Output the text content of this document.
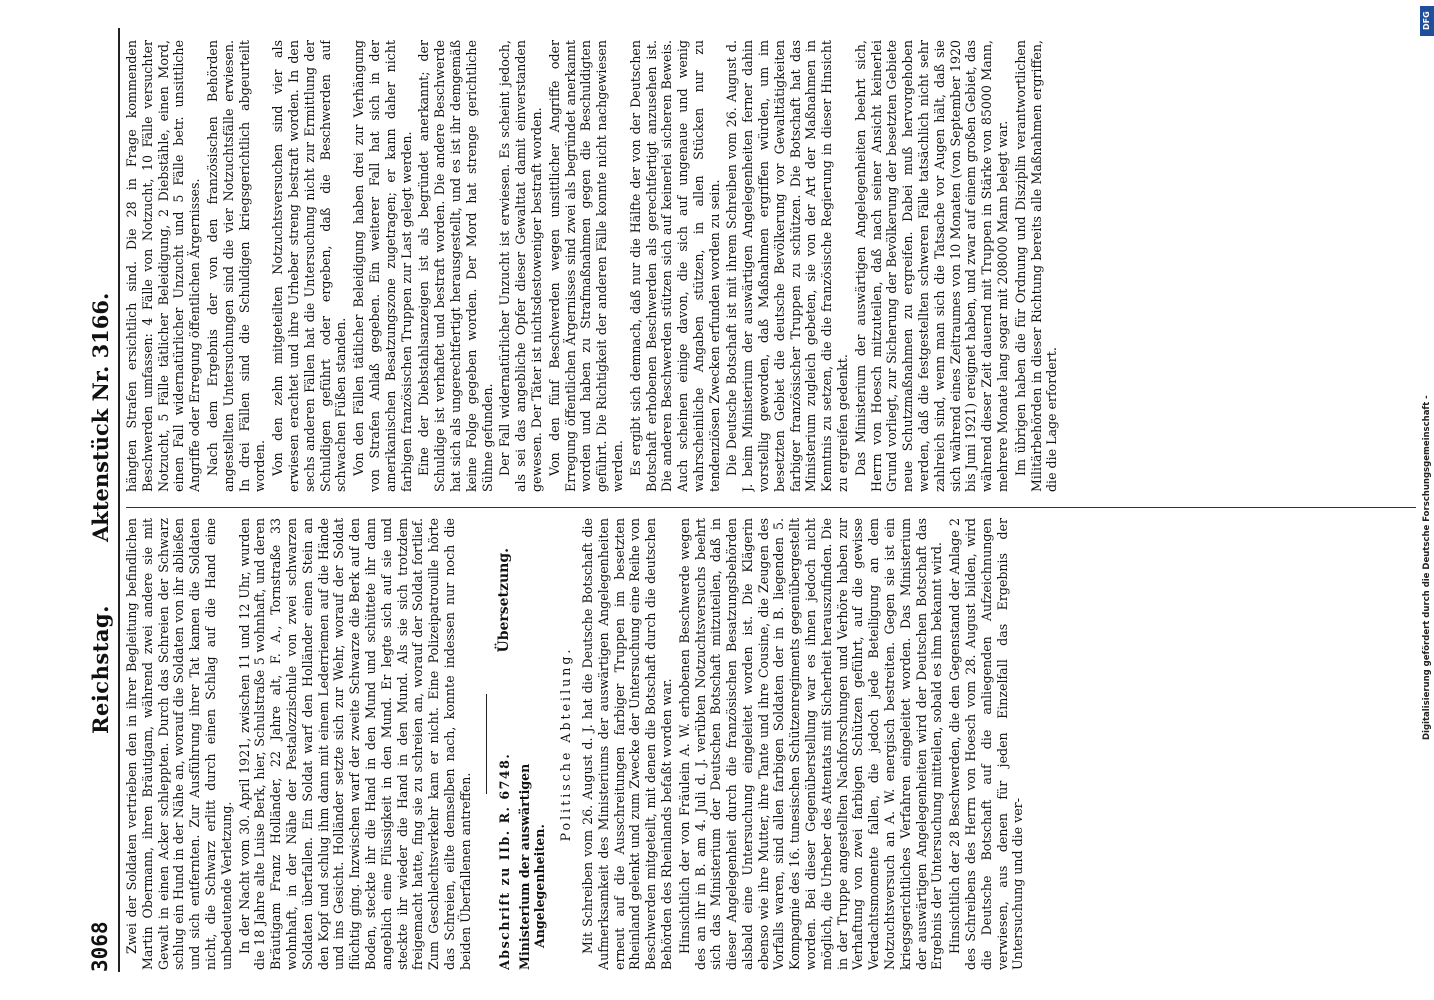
3068
Reichstag.
Aktenstück Nr. 3166.

Zwei der Soldaten vertrieben den in ihrer Begleitung befindlichen Martin Obermann, ihren Bräutigam, während zwei andere sie mit Gewalt in einen Acker schleppten. Durch das Schreien der Schwarz schlug ein Hund in der Nähe an, worauf die Soldaten von ihr abließen und sich entfernten. Zur Ausführung ihrer Tat kamen die Soldaten nicht, die Schwarz erlitt durch einen Schlag auf die Hand eine unbedeutende Verletzung. In der Nacht vom 30. April 1921, zwischen 11 und 12 Uhr, wurden die 18 Jahre alte Luise Berk, hier, Schulstraße 5 wohnhaft, und deren Bräutigam Franz Holländer, 22 Jahre alt, F. A., Tornstraße 33 wohnhaft, in der Nähe der Pestalozzischule von zwei schwarzen Soldaten überfallen. Ein Soldat warf den Holländer einen Stein an den Kopf und schlug ihm dann mit einem Lederriemen auf die Hände und ins Gesicht. Holländer setzte sich zur Wehr, worauf der Soldat flüchtig ging. Inzwischen warf der zweite Schwarze die Berk auf den Boden, steckte ihr die Hand in den Mund und schüttete ihr dann angeblich eine Flüssigkeit in den Mund. Er legte sich auf sie und steckte ihr wieder die Hand in den Mund. Als sie sich trotzdem freigemacht hatte, fing sie zu schreien an, worauf der Soldat fortlief. Zum Geschlechtsverkehr kam er nicht. Eine Polizeipatrouille hörte das Schreien, eilte demselben nach, konnte indessen nur noch die beiden Überfallenen antreffen. Abschrift zu IIb. R. 6748.
Übersetzung.
Ministerium der auswärtigen Angelegenheiten.
Politische Abteilung. Mit Schreiben vom 26. August d. J. hat die Deutsche Botschaft die Aufmerksamkeit des Ministeriums der auswärtigen Angelegenheiten erneut auf die Ausschreitungen farbiger Truppen im besetzten Rheinland gelenkt und zum Zwecke der Untersuchung eine Reihe von Beschwerden mitgeteilt, mit denen die Botschaft durch die deutschen Behörden des Rheinlands befaßt worden war. Hinsichtlich der von Fräulein A. W. erhobenen Beschwerde wegen des an ihr in B. am 4. Juli d. J. verübten Notzuchtsversuchs beehrt sich das Ministerium der Deutschen Botschaft mitzuteilen, daß in dieser Angelegenheit durch die französischen Besatzungsbehörden alsbald eine Untersuchung eingeleitet worden ist. Die Klägerin ebenso wie ihre Mutter, ihre Tante und ihre Cousine, die Zeugen des Vorfalls waren, sind allen farbigen Soldaten der in B. liegenden 5. Kompagnie des 16. tunesischen Schützenregiments gegenübergestellt worden. Bei dieser Gegenüberstellung war es ihnen jedoch nicht möglich, die Urheber des Attentats mit Sicherheit herauszufinden. Die in der Truppe angestellten Nachforschungen und Verhöre haben zur Verhaftung von zwei farbigen Schützen geführt, auf die gewisse Verdachtsmomente fallen, die jedoch jede Beteiligung an dem Notzuchtsversuch an A. W. energisch bestreiten. Gegen sie ist ein kriegsgerichtliches Verfahren eingeleitet worden. Das Ministerium der auswärtigen Angelegenheiten wird der Deutschen Botschaft das Ergebnis der Untersuchung mitteilen, sobald es ihm bekannt wird. Hinsichtlich der 28 Beschwerden, die den Gegenstand der Anlage 2 des Schreibens des Herrn von Hoesch vom 28. August bilden, wird die Deutsche Botschaft auf die anliegenden Aufzeichnungen verwiesen, aus denen für jeden Einzelfall das Ergebnis der Untersuchung und die ver-

hängten Strafen ersichtlich sind. Die 28 in Frage kommenden Beschwerden umfassen: 4 Fälle von Notzucht, 10 Fälle versuchter Notzucht, 5 Fälle tätlicher Beleidigung, 2 Diebstähle, einen Mord, einen Fall widernatürlicher Unzucht und 5 Fälle betr. unsittliche Angriffe oder Erregung öffentlichen Ärgernisses. Nach dem Ergebnis der von den französischen Behörden angestellten Untersuchungen sind die vier Notzuchtsfälle erwiesen. In drei Fällen sind die Schuldigen kriegsgerichtlich abgeurteilt worden. Von den zehn mitgeteilten Notzuchtsversuchen sind vier als erwiesen erachtet und ihre Urheber streng bestraft worden. In den sechs anderen Fällen hat die Untersuchung nicht zur Ermittlung der Schuldigen geführt oder ergeben, daß die Beschwerden auf schwachen Füßen standen. Von den Fällen tätlicher Beleidigung haben drei zur Verhängung von Strafen Anlaß gegeben. Ein weiterer Fall hat sich in der amerikanischen Besatzungszone zugetragen; er kann daher nicht farbigen französischen Truppen zur Last gelegt werden. Eine der Diebstahlsanzeigen ist als begründet anerkannt; der Schuldige ist verhaftet und bestraft worden. Die andere Beschwerde hat sich als ungerechtfertigt herausgestellt, und es ist ihr demgemäß keine Folge gegeben worden. Der Mord hat strenge gerichtliche Sühne gefunden. Der Fall widernatürlicher Unzucht ist erwiesen. Es scheint jedoch, als sei das angebliche Opfer dieser Gewalttat damit einverstanden gewesen. Der Täter ist nichtsdestoweniger bestraft worden. Von den fünf Beschwerden wegen unsittlicher Angriffe oder Erregung öffentlichen Ärgernisses sind zwei als begründet anerkannt worden und haben zu Strafmaßnahmen gegen die Beschuldigten geführt. Die Richtigkeit der anderen Fälle konnte nicht nachgewiesen werden. Es ergibt sich demnach, daß nur die Hälfte der von der Deutschen Botschaft erhobenen Beschwerden als gerechtfertigt anzusehen ist. Die anderen Beschwerden stützen sich auf keinerlei sicheren Beweis. Auch scheinen einige davon, die sich auf ungenaue und wenig wahrscheinliche Angaben stützen, in allen Stücken nur zu tendenziösen Zwecken erfunden worden zu sein. Die Deutsche Botschaft ist mit ihrem Schreiben vom 26. August d. J. beim Ministerium der auswärtigen Angelegenheiten ferner dahin vorstellig geworden, daß Maßnahmen ergriffen würden, um im besetzten Gebiet die deutsche Bevölkerung vor Gewalttätigkeiten farbiger französischer Truppen zu schützen. Die Botschaft hat das Ministerium zugleich gebeten, sie von der Art der Maßnahmen in Kenntnis zu setzen, die die französische Regierung in dieser Hinsicht zu ergreifen gedenkt. Das Ministerium der auswärtigen Angelegenheiten beehrt sich, Herrn von Hoesch mitzuteilen, daß nach seiner Ansicht keinerlei Grund vorliegt, zur Sicherung der Bevölkerung der besetzten Gebiete neue Schutzmaßnahmen zu ergreifen. Dabei muß hervorgehoben werden, daß die festgestellten schweren Fälle tatsächlich nicht sehr zahlreich sind, wenn man sich die Tatsache vor Augen hält, daß sie sich während eines Zeitraumes von 10 Monaten (von September 1920 bis Juni 1921) ereignet haben, und zwar auf einem großen Gebiet, das während dieser Zeit dauernd mit Truppen in Stärke von 85000 Mann, mehrere Monate lang sogar mit 208000 Mann belegt war. Im übrigen haben die für Ordnung und Disziplin verantwortlichen Militärbehörden in dieser Richtung bereits alle Maßnahmen ergriffen, die die Lage erfordert.

DFG
Digitalisierung gefördert durch die Deutsche Forschungsgemeinschaft -
